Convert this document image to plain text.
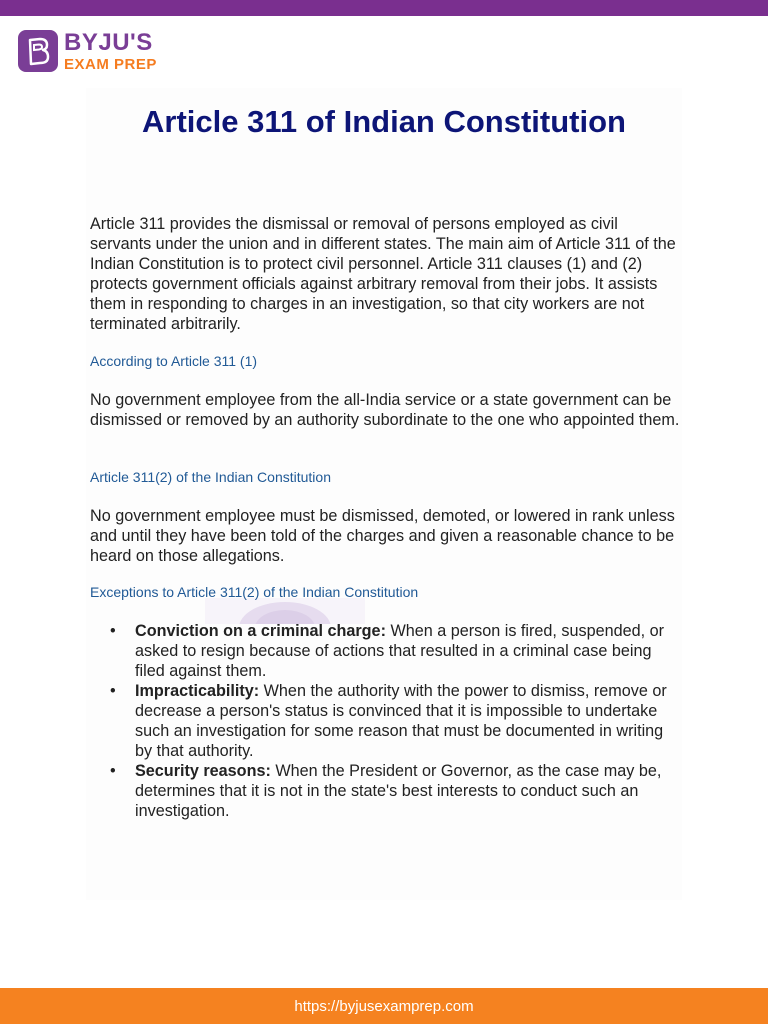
BYJU'S
EXAM PREP
Article 311 of Indian Constitution

Article 311 provides the dismissal or removal of persons employed as civil servants under the union and in different states. The main aim of Article 311 of the Indian Constitution is to protect civil personnel. Article 311 clauses (1) and (2) protects government officials against arbitrary removal from their jobs. It assists them in responding to charges in an investigation, so that city workers are not terminated arbitrarily.

According to Article 311 (1)

No government employee from the all-India service or a state government can be dismissed or removed by an authority subordinate to the one who appointed them.

Article 311(2) of the Indian Constitution

No government employee must be dismissed, demoted, or lowered in rank unless and until they have been told of the charges and given a reasonable chance to be heard on those allegations.

Exceptions to Article 311(2) of the Indian Constitution
• Conviction on a criminal charge: When a person is fired, suspended, or asked to resign because of actions that resulted in a criminal case being filed against them.
• Impracticability: When the authority with the power to dismiss, remove or decrease a person's status is convinced that it is impossible to undertake such an investigation for some reason that must be documented in writing by that authority.
• Security reasons: When the President or Governor, as the case may be, determines that it is not in the state's best interests to conduct such an investigation.
https://byjusexamprep.com
